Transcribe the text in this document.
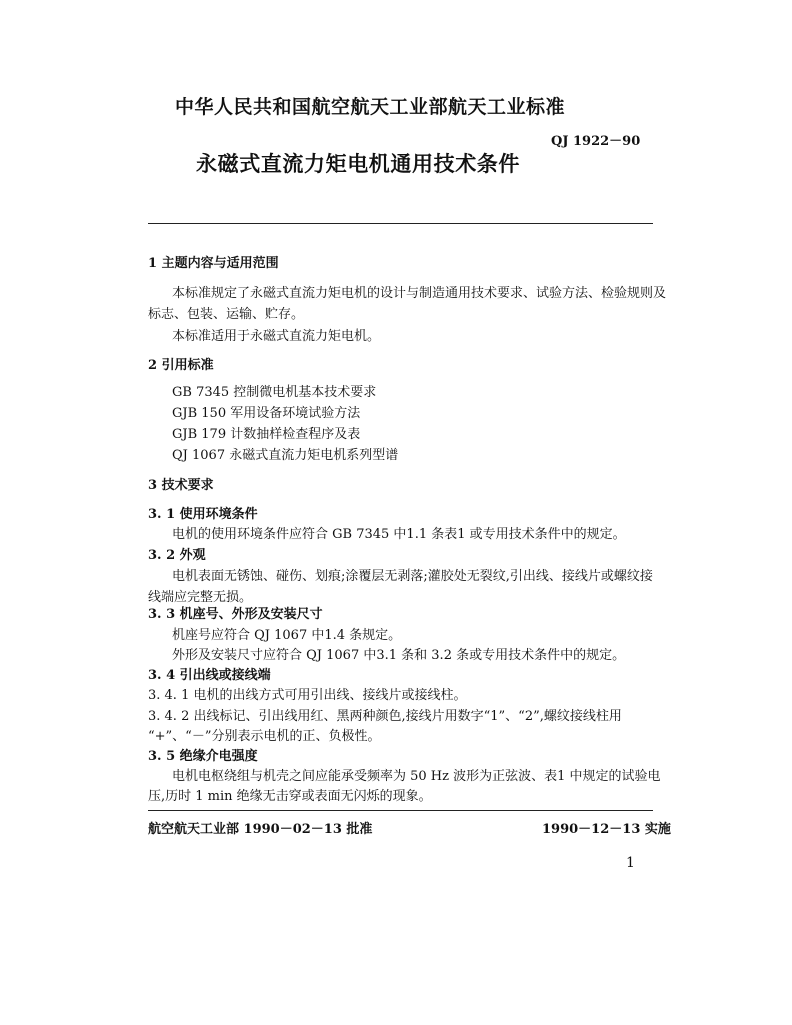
中华人民共和国航空航天工业部航天工业标准
QJ 1922－90
永磁式直流力矩电机通用技术条件
1 主题内容与适用范围
本标准规定了永磁式直流力矩电机的设计与制造通用技术要求、试验方法、检验规则及
标志、包装、运输、贮存。
本标准适用于永磁式直流力矩电机。
2 引用标准
GB 7345 控制微电机基本技术要求
GJB 150 军用设备环境试验方法
GJB 179 计数抽样检查程序及表
QJ 1067 永磁式直流力矩电机系列型谱
3 技术要求
3. 1 使用环境条件
电机的使用环境条件应符合 GB 7345 中1.1 条表1 或专用技术条件中的规定。
3. 2 外观
电机表面无锈蚀、碰伤、划痕;涂覆层无剥落;灌胶处无裂纹,引出线、接线片或螺纹接
线端应完整无损。
3. 3 机座号、外形及安装尺寸
机座号应符合 QJ 1067 中1.4 条规定。
外形及安装尺寸应符合 QJ 1067 中3.1 条和 3.2 条或专用技术条件中的规定。
3. 4 引出线或接线端
3. 4. 1 电机的出线方式可用引出线、接线片或接线柱。
3. 4. 2 出线标记、引出线用红、黑两种颜色,接线片用数字“1”、“2”,螺纹接线柱用
“+”、“－”分别表示电机的正、负极性。
3. 5 绝缘介电强度
电机电枢绕组与机壳之间应能承受频率为 50 Hz 波形为正弦波、表1 中规定的试验电
压,历时 1 min 绝缘无击穿或表面无闪烁的现象。
航空航天工业部 1990－02－13 批准	1990－12－13 实施
1
